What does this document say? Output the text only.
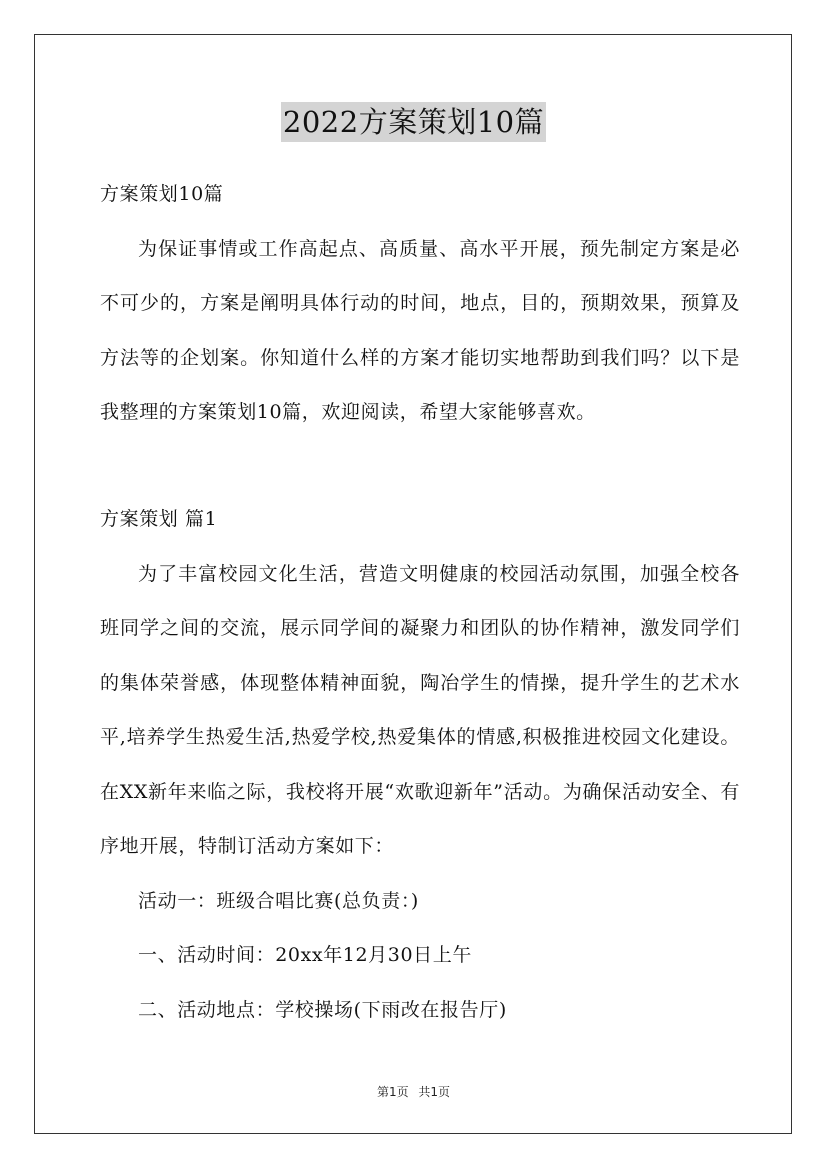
2022方案策划10篇

方案策划10篇

为保证事情或工作高起点、高质量、高水平开展，预先制定方案是必不可少的，方案是阐明具体行动的时间，地点，目的，预期效果，预算及方法等的企划案。你知道什么样的方案才能切实地帮助到我们吗？以下是我整理的方案策划10篇，欢迎阅读，希望大家能够喜欢。

方案策划 篇1

为了丰富校园文化生活，营造文明健康的校园活动氛围，加强全校各班同学之间的交流，展示同学间的凝聚力和团队的协作精神，激发同学们的集体荣誉感，体现整体精神面貌，陶冶学生的情操，提升学生的艺术水平,培养学生热爱生活,热爱学校,热爱集体的情感,积极推进校园文化建设。在XX新年来临之际，我校将开展“欢歌迎新年”活动。为确保活动安全、有序地开展，特制订活动方案如下：

活动一：班级合唱比赛(总负责：)

一、活动时间：20xx年12月30日上午

二、活动地点：学校操场(下雨改在报告厅)

第1页 共1页
